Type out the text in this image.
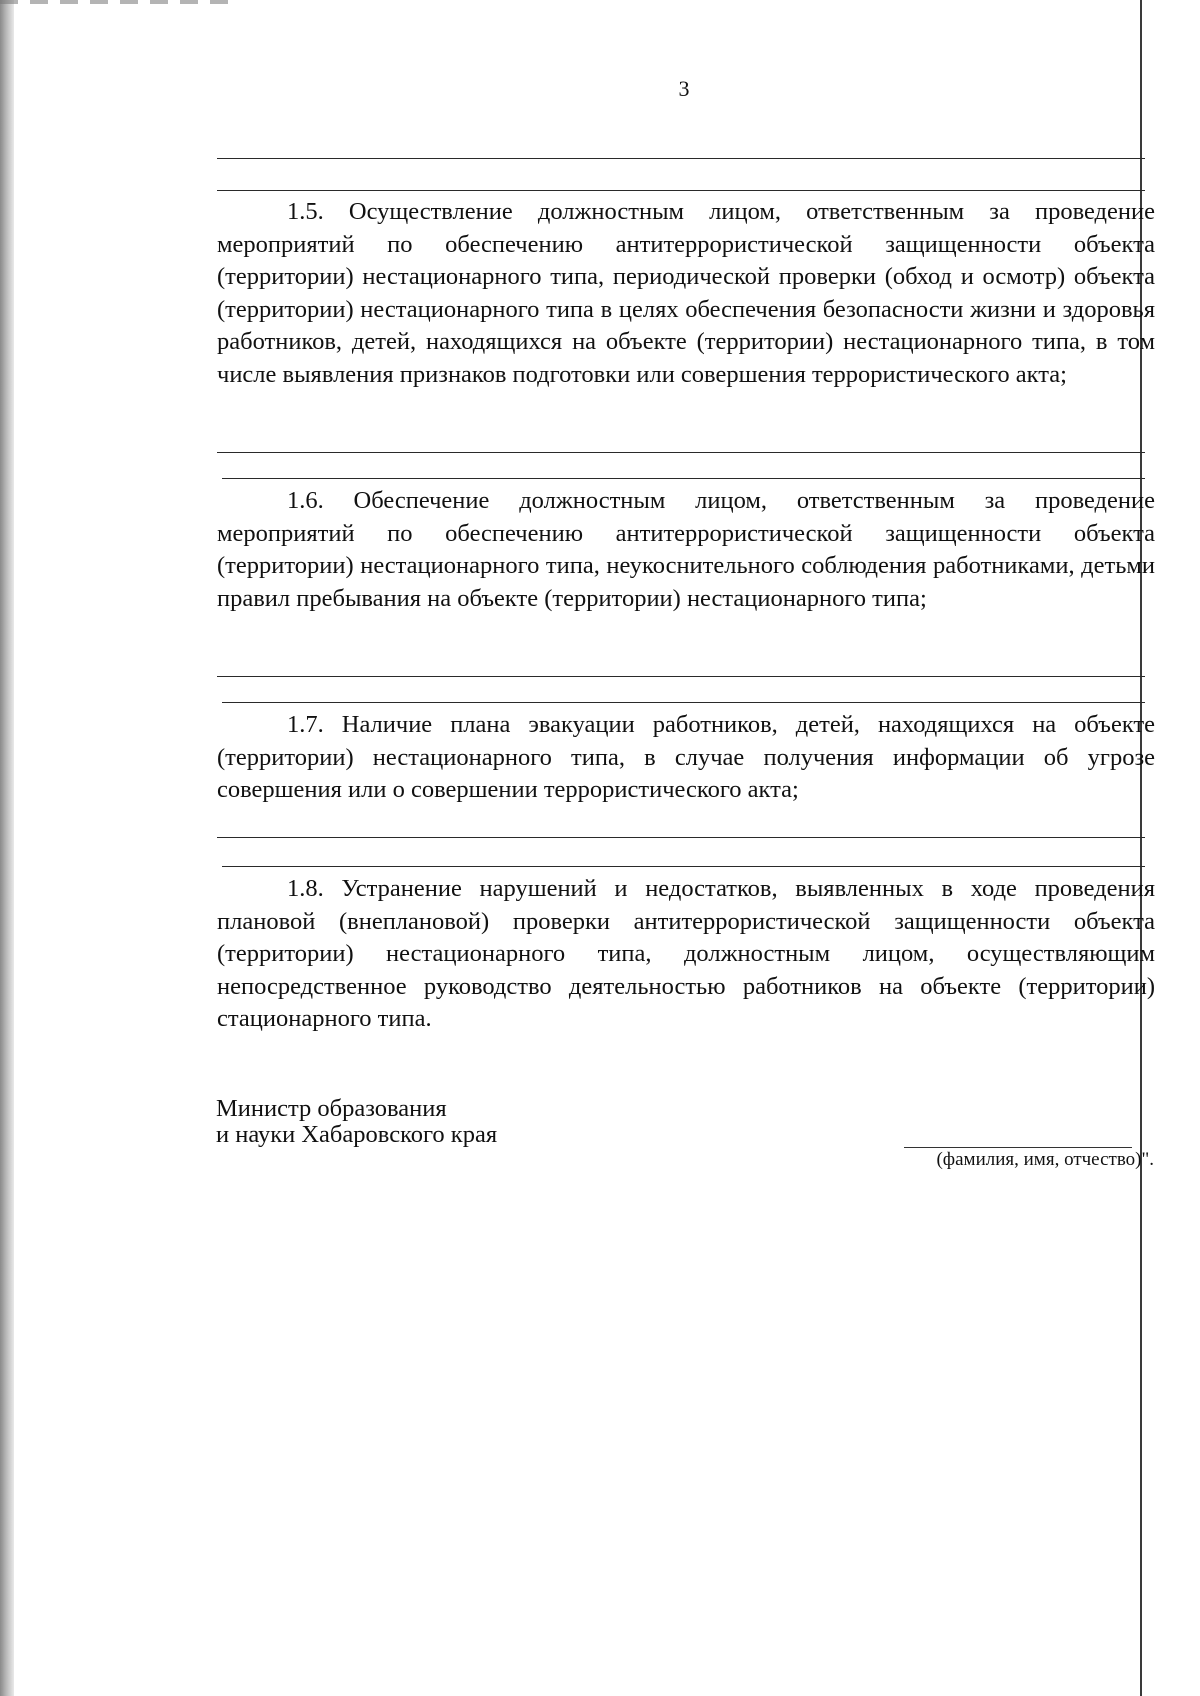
3

1.5. Осуществление должностным лицом, ответственным за проведение мероприятий по обеспечению антитеррористической защищенности объекта (территории) нестационарного типа, периодической проверки (обход и осмотр) объекта (территории) нестационарного типа в целях обеспечения безопасности жизни и здоровья работников, детей, находящихся на объекте (территории) нестационарного типа, в том числе выявления признаков подготовки или совершения террористического акта;

1.6. Обеспечение должностным лицом, ответственным за проведение мероприятий по обеспечению антитеррористической защищенности объекта (территории) нестационарного типа, неукоснительного соблюдения работниками, детьми правил пребывания на объекте (территории) нестационарного типа;

1.7. Наличие плана эвакуации работников, детей, находящихся на объекте (территории) нестационарного типа, в случае получения информации об угрозе совершения или о совершении террористического акта;

1.8. Устранение нарушений и недостатков, выявленных в ходе проведения плановой (внеплановой) проверки антитеррористической защищенности объекта (территории) нестационарного типа, должностным лицом, осуществляющим непосредственное руководство деятельностью работников на объекте (территории) стационарного типа.

Министр образования
и науки Хабаровского края
(фамилия, имя, отчество)".
